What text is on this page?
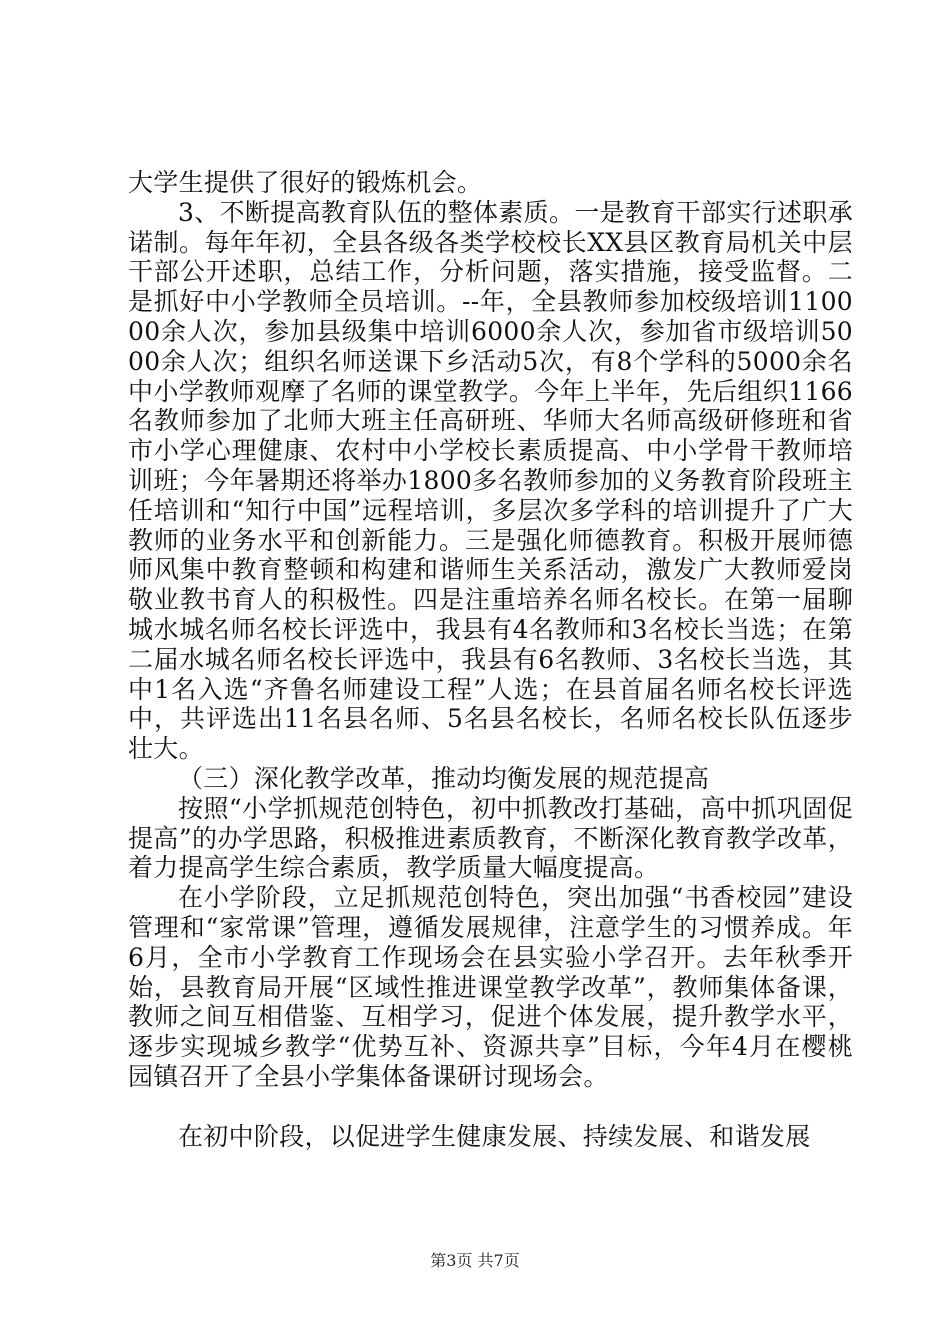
大学生提供了很好的锻炼机会。

3、不断提高教育队伍的整体素质。一是教育干部实行述职承诺制。每年年初，全县各级各类学校校长XX县区教育局机关中层干部公开述职，总结工作，分析问题，落实措施，接受监督。二是抓好中小学教师全员培训。--年，全县教师参加校级培训110000余人次，参加县级集中培训6000余人次，参加省市级培训5000余人次；组织名师送课下乡活动5次，有8个学科的5000余名中小学教师观摩了名师的课堂教学。今年上半年，先后组织1166名教师参加了北师大班主任高研班、华师大名师高级研修班和省市小学心理健康、农村中小学校长素质提高、中小学骨干教师培训班；今年暑期还将举办1800多名教师参加的义务教育阶段班主任培训和“知行中国”远程培训，多层次多学科的培训提升了广大教师的业务水平和创新能力。三是强化师德教育。积极开展师德师风集中教育整顿和构建和谐师生关系活动，激发广大教师爱岗敬业教书育人的积极性。四是注重培养名师名校长。在第一届聊城水城名师名校长评选中，我县有4名教师和3名校长当选；在第二届水城名师名校长评选中，我县有6名教师、3名校长当选，其中1名入选“齐鲁名师建设工程”人选；在县首届名师名校长评选中，共评选出11名县名师、5名县名校长，名师名校长队伍逐步壮大。

（三）深化教学改革，推动均衡发展的规范提高

按照“小学抓规范创特色，初中抓教改打基础，高中抓巩固促提高”的办学思路，积极推进素质教育，不断深化教育教学改革，着力提高学生综合素质，教学质量大幅度提高。

在小学阶段，立足抓规范创特色，突出加强“书香校园”建设管理和“家常课”管理，遵循发展规律，注意学生的习惯养成。年6月，全市小学教育工作现场会在县实验小学召开。去年秋季开始，县教育局开展“区域性推进课堂教学改革”，教师集体备课，教师之间互相借鉴、互相学习，促进个体发展，提升教学水平，逐步实现城乡教学“优势互补、资源共享”目标，今年4月在樱桃园镇召开了全县小学集体备课研讨现场会。

在初中阶段，以促进学生健康发展、持续发展、和谐发展

第3页 共7页
